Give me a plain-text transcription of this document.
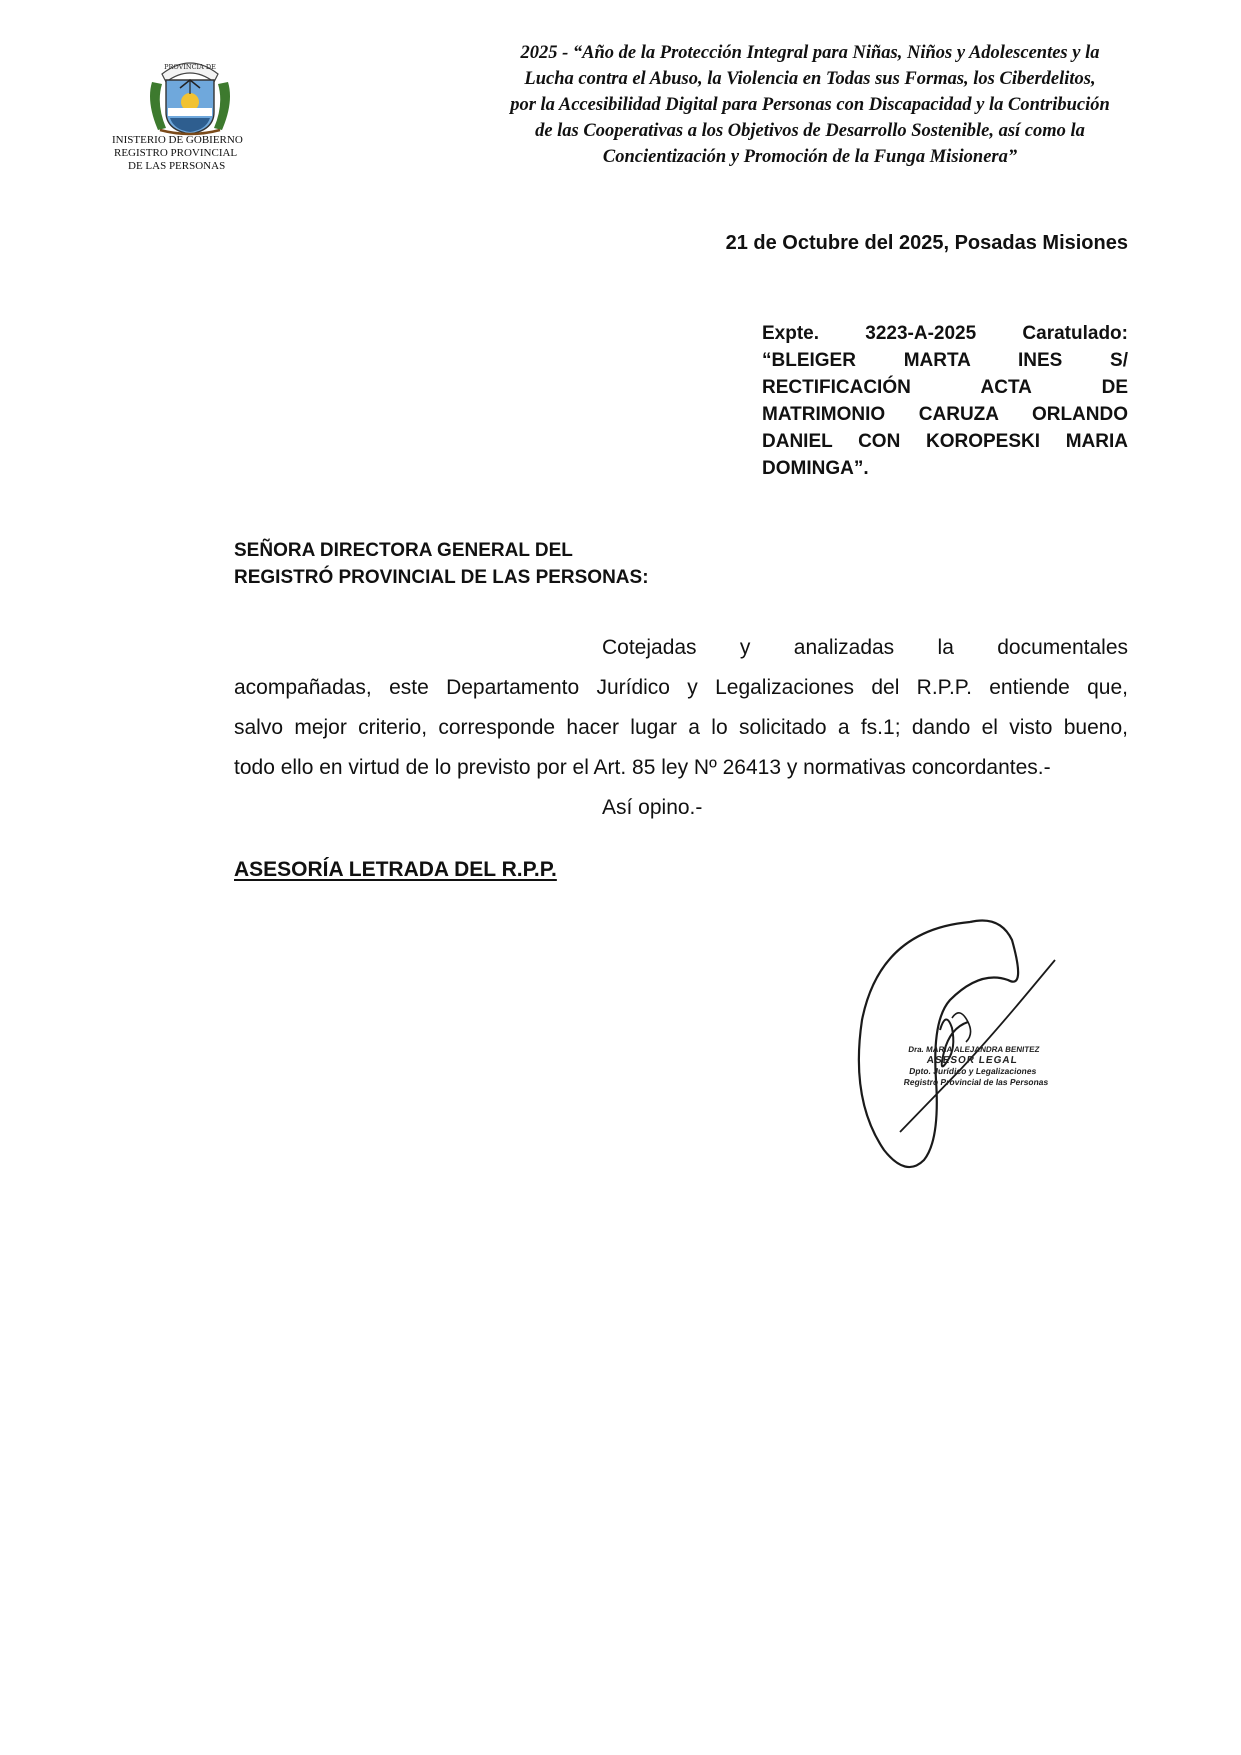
PROVINCIA DE
INISTERIO DE GOBIERNO
REGISTRO PROVINCIAL
DE LAS PERSONAS
2025 - “Año de la Protección Integral para Niñas, Niños y Adolescentes y la
Lucha contra el Abuso, la Violencia en Todas sus Formas, los Ciberdelitos,
por la Accesibilidad Digital para Personas con Discapacidad y la Contribución
de las Cooperativas a los Objetivos de Desarrollo Sostenible, así como la
Concientización y Promoción de la Funga Misionera”
21 de Octubre del 2025, Posadas Misiones
Expte. 3223-A-2025 Caratulado:
“BLEIGER MARTA INES S/
RECTIFICACIÓN ACTA DE
MATRIMONIO CARUZA ORLANDO
DANIEL CON KOROPESKI MARIA
DOMINGA”.
SEÑORA DIRECTORA GENERAL DEL
REGISTRÓ PROVINCIAL DE LAS PERSONAS:
Cotejadas y analizadas la documentales
acompañadas, este Departamento Jurídico y Legalizaciones del R.P.P. entiende que,
salvo mejor criterio, corresponde hacer lugar a lo solicitado a fs.1; dando el visto bueno,
todo ello en virtud de lo previsto por el Art. 85 ley Nº 26413 y normativas concordantes.-
Así opino.-
ASESORÍA LETRADA DEL R.P.P.
Dra. MARIA ALEJANDRA BENITEZ
ASESOR LEGAL
Dpto. Jurídico y Legalizaciones
Registro Provincial de las Personas
